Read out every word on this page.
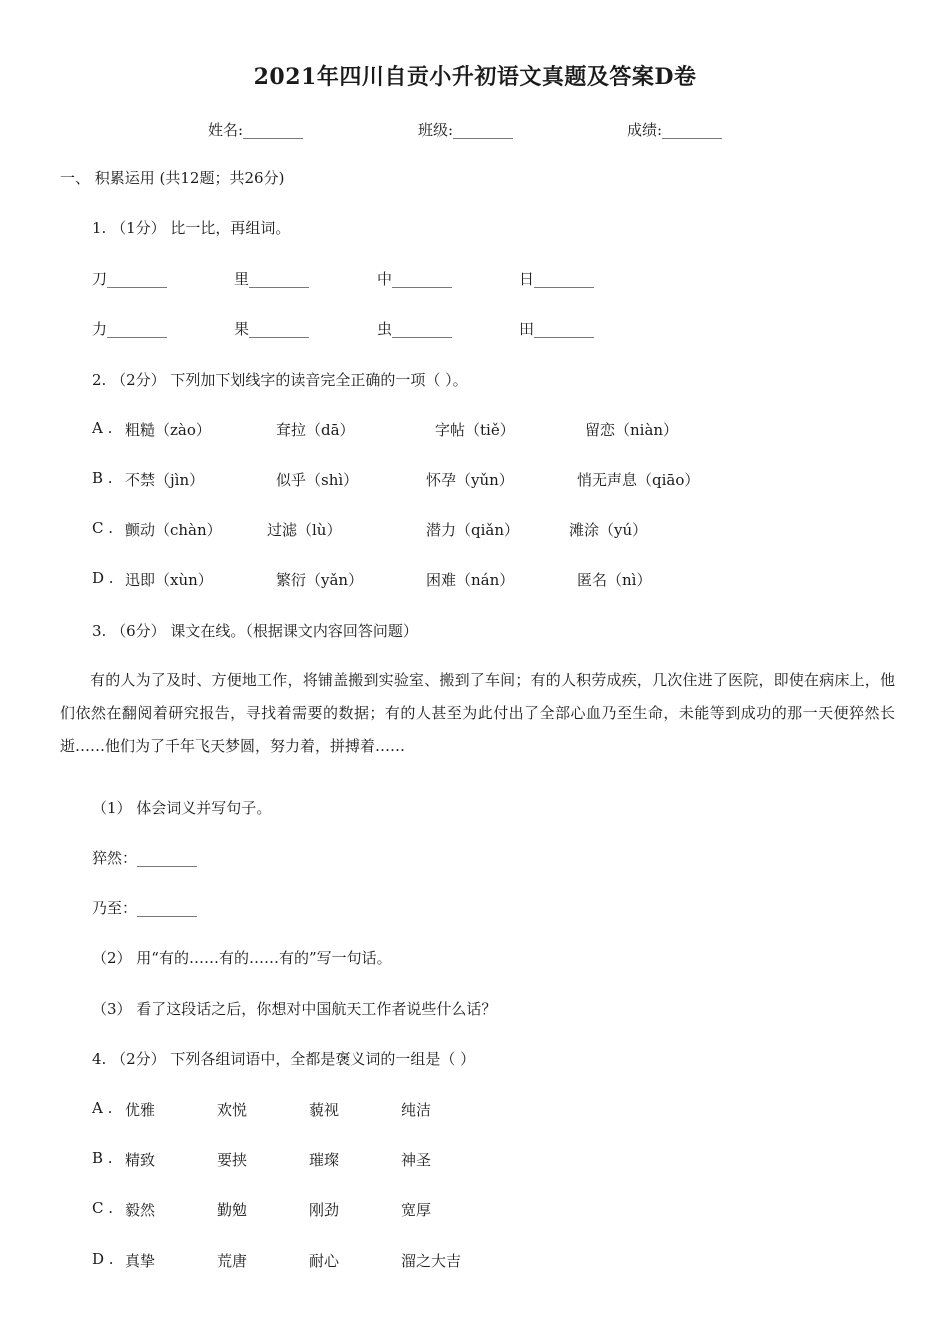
2021年四川自贡小升初语文真题及答案D卷
姓名:________	班级:________	成绩:________
一、 积累运用 (共12题；共26分)
1. （1分） 比一比，再组词。
刀________	里________	中________	日________
力________	果________	虫________	田________
2. （2分） 下列加下划线字的读音完全正确的一项（ ）。
A . 粗糙（zào）	耷拉（dā）	字帖（tiě）	留恋（niàn）
B . 不禁（jìn）	似乎（shì）	怀孕（yǔn）	悄无声息（qiāo）
C . 颤动（chàn）	过滤（lù）	潜力（qiǎn）	滩涂（yú）
D . 迅即（xùn）	繁衍（yǎn）	困难（nán）	匿名（nì）
3. （6分） 课文在线。（根据课文内容回答问题）
有的人为了及时、方便地工作，将铺盖搬到实验室、搬到了车间；有的人积劳成疾，几次住进了医院，即使在病床上，他们依然在翻阅着研究报告，寻找着需要的数据；有的人甚至为此付出了全部心血乃至生命，未能等到成功的那一天便猝然长逝……他们为了千年飞天梦圆，努力着，拼搏着……
（1） 体会词义并写句子。
猝然：________
乃至：________
（2） 用“有的……有的……有的”写一句话。
（3） 看了这段话之后，你想对中国航天工作者说些什么话？
4. （2分） 下列各组词语中，全都是褒义词的一组是（ ）
A . 优雅	欢悦	藐视	纯洁
B . 精致	要挟	璀璨	神圣
C . 毅然	勤勉	刚劲	宽厚
D . 真挚	荒唐	耐心	溜之大吉
